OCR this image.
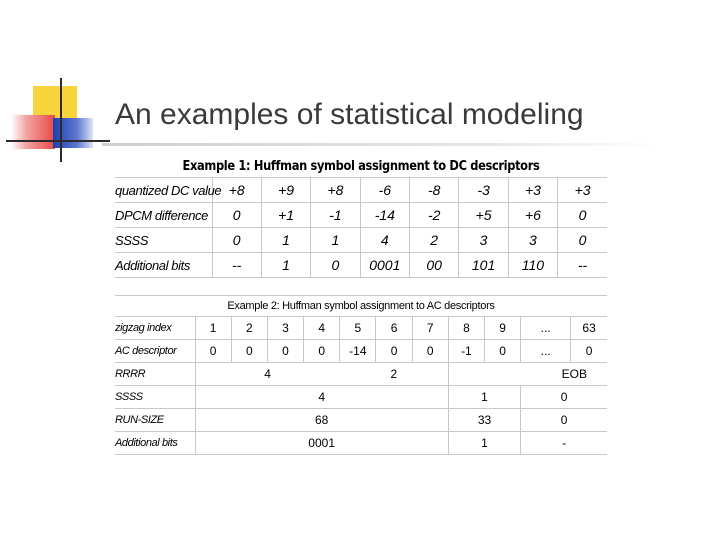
An examples of statistical modeling
Example 1: Huffman symbol assignment to DC descriptors
quantized DC value	+8	+9	+8	-6	-8	-3	+3	+3
DPCM difference	0	+1	-1	-14	-2	+5	+6	0
SSSS	0	1	1	4	2	3	3	0
Additional bits	--	1	0	0001	00	101	110	--
Example 2: Huffman symbol assignment to AC descriptors
zigzag index	1	2	3	4	5	6	7	8	9	...	63
AC descriptor	0	0	0	0	-14	0	0	-1	0	...	0
RRRR	4				2			EOB			
SSSS	4							1		0	
RUN-SIZE	68							33		0	
Additional bits	0001							1		-	
